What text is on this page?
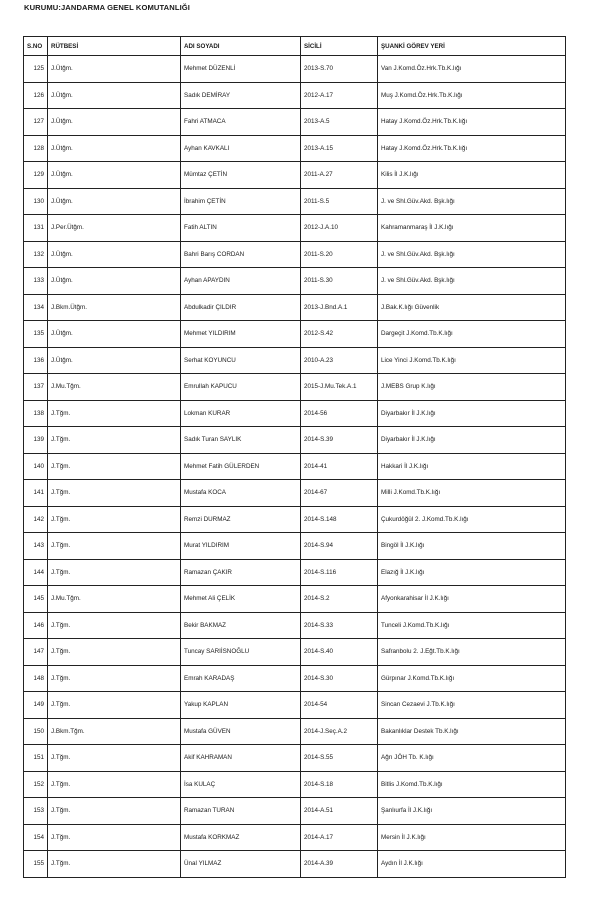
KURUMU:JANDARMA GENEL KOMUTANLIĞI
S.NO	RÜTBESİ	ADI SOYADI	SİCİLİ	ŞUANKİ GÖREV YERİ
125	J.Ütğm.	Mehmet DÜZENLİ	2013-S.70	Van J.Komd.Öz.Hrk.Tb.K.lığı
126	J.Ütğm.	Sadık DEMİRAY	2012-A.17	Muş J.Komd.Öz.Hrk.Tb.K.lığı
127	J.Ütğm.	Fahri ATMACA	2013-A.5	Hatay J.Komd.Öz.Hrk.Tb.K.lığı
128	J.Ütğm.	Ayhan KAVKALI	2013-A.15	Hatay J.Komd.Öz.Hrk.Tb.K.lığı
129	J.Ütğm.	Mümtaz ÇETİN	2011-A.27	Kilis İl J.K.lığı
130	J.Ütğm.	İbrahim ÇETİN	2011-S.5	J. ve Shl.Güv.Akd. Bşk.lığı
131	J.Per.Ütğm.	Fatih ALTIN	2012-J.A.10	Kahramanmaraş İl J.K.lığı
132	J.Ütğm.	Bahri Barış CORDAN	2011-S.20	J. ve Shl.Güv.Akd. Bşk.lığı
133	J.Ütğm.	Ayhan APAYDIN	2011-S.30	J. ve Shl.Güv.Akd. Bşk.lığı
134	J.Bkm.Ütğm.	Abdulkadir ÇILDIR	2013-J.Bnd.A.1	J.Bak.K.lığı Güvenlik
135	J.Ütğm.	Mehmet YILDIRIM	2012-S.42	Dargeçit J.Komd.Tb.K.lığı
136	J.Ütğm.	Serhat KOYUNCU	2010-A.23	Lice Yinci J.Komd.Tb.K.lığı
137	J.Mu.Tğm.	Emrullah KAPUCU	2015-J.Mu.Tek.A.1	J.MEBS Grup K.lığı
138	J.Tğm.	Lokman KURAR	2014-56	Diyarbakır İl J.K.lığı
139	J.Tğm.	Sadık Turan SAYLIK	2014-S.39	Diyarbakır İl J.K.lığı
140	J.Tğm.	Mehmet Fatih GÜLERDEN	2014-41	Hakkari İl J.K.lığı
141	J.Tğm.	Mustafa KOCA	2014-67	Milli J.Komd.Tb.K.lığı
142	J.Tğm.	Remzi DURMAZ	2014-S.148	Çukurdöğül 2. J.Komd.Tb.K.lığı
143	J.Tğm.	Murat YILDIRIM	2014-S.94	Bingöl İl J.K.lığı
144	J.Tğm.	Ramazan ÇAKIR	2014-S.116	Elazığ İl J.K.lığı
145	J.Mu.Tğm.	Mehmet Ali ÇELİK	2014-S.2	Afyonkarahisar İl J.K.lığı
146	J.Tğm.	Bekir BAKMAZ	2014-S.33	Tunceli J.Komd.Tb.K.lığı
147	J.Tğm.	Tuncay SARIİSNOĞLU	2014-S.40	Safranbolu 2. J.Eğt.Tb.K.lığı
148	J.Tğm.	Emrah KARADAŞ	2014-S.30	Gürpınar J.Komd.Tb.K.lığı
149	J.Tğm.	Yakup KAPLAN	2014-54	Sincan Cezaevi J.Tb.K.lığı
150	J.Bkm.Tğm.	Mustafa GÜVEN	2014-J.Seç.A.2	Bakanlıklar Destek Tb.K.lığı
151	J.Tğm.	Akif KAHRAMAN	2014-S.55	Ağrı JÖH Tb. K.lığı
152	J.Tğm.	İsa KULAÇ	2014-S.18	Bitlis J.Komd.Tb.K.lığı
153	J.Tğm.	Ramazan TURAN	2014-A.51	Şanlıurfa İl J.K.lığı
154	J.Tğm.	Mustafa KORKMAZ	2014-A.17	Mersin İl J.K.lığı
155	J.Tğm.	Ünal YILMAZ	2014-A.39	Aydın İl J.K.lığı
